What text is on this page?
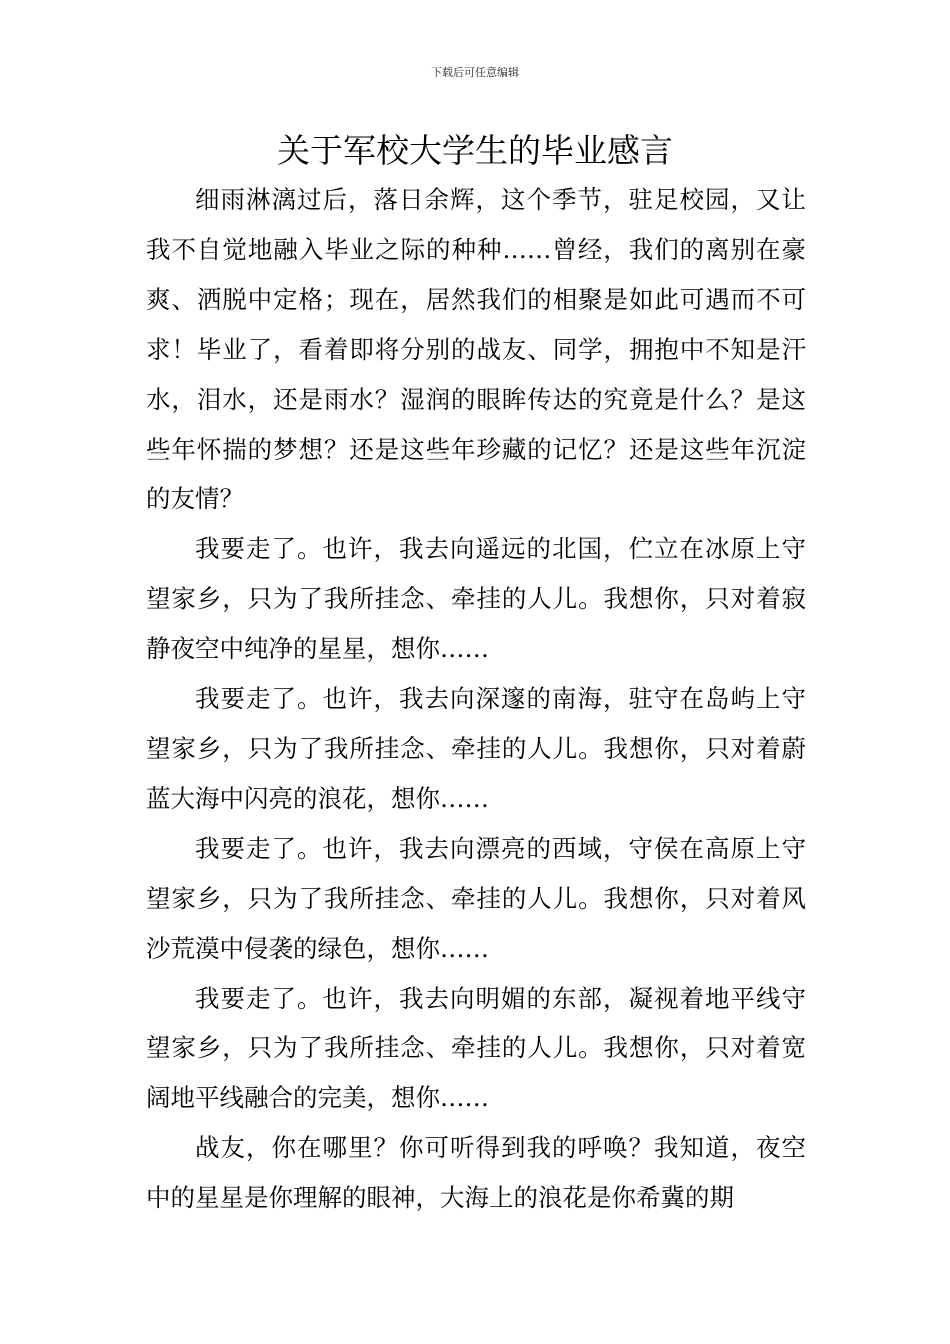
下载后可任意编辑
关于军校大学生的毕业感言

细雨淋漓过后，落日余辉，这个季节，驻足校园，又让我不自觉地融入毕业之际的种种……曾经，我们的离别在豪爽、洒脱中定格；现在，居然我们的相聚是如此可遇而不可求！毕业了，看着即将分别的战友、同学，拥抱中不知是汗水，泪水，还是雨水？湿润的眼眸传达的究竟是什么？是这些年怀揣的梦想？还是这些年珍藏的记忆？还是这些年沉淀的友情？

我要走了。也许，我去向遥远的北国，伫立在冰原上守望家乡，只为了我所挂念、牵挂的人儿。我想你，只对着寂静夜空中纯净的星星，想你……

我要走了。也许，我去向深邃的南海，驻守在岛屿上守望家乡，只为了我所挂念、牵挂的人儿。我想你，只对着蔚蓝大海中闪亮的浪花，想你……

我要走了。也许，我去向漂亮的西域，守侯在高原上守望家乡，只为了我所挂念、牵挂的人儿。我想你，只对着风沙荒漠中侵袭的绿色，想你……

我要走了。也许，我去向明媚的东部，凝视着地平线守望家乡，只为了我所挂念、牵挂的人儿。我想你，只对着宽阔地平线融合的完美，想你……

战友，你在哪里？你可听得到我的呼唤？我知道，夜空中的星星是你理解的眼神，大海上的浪花是你希冀的期
